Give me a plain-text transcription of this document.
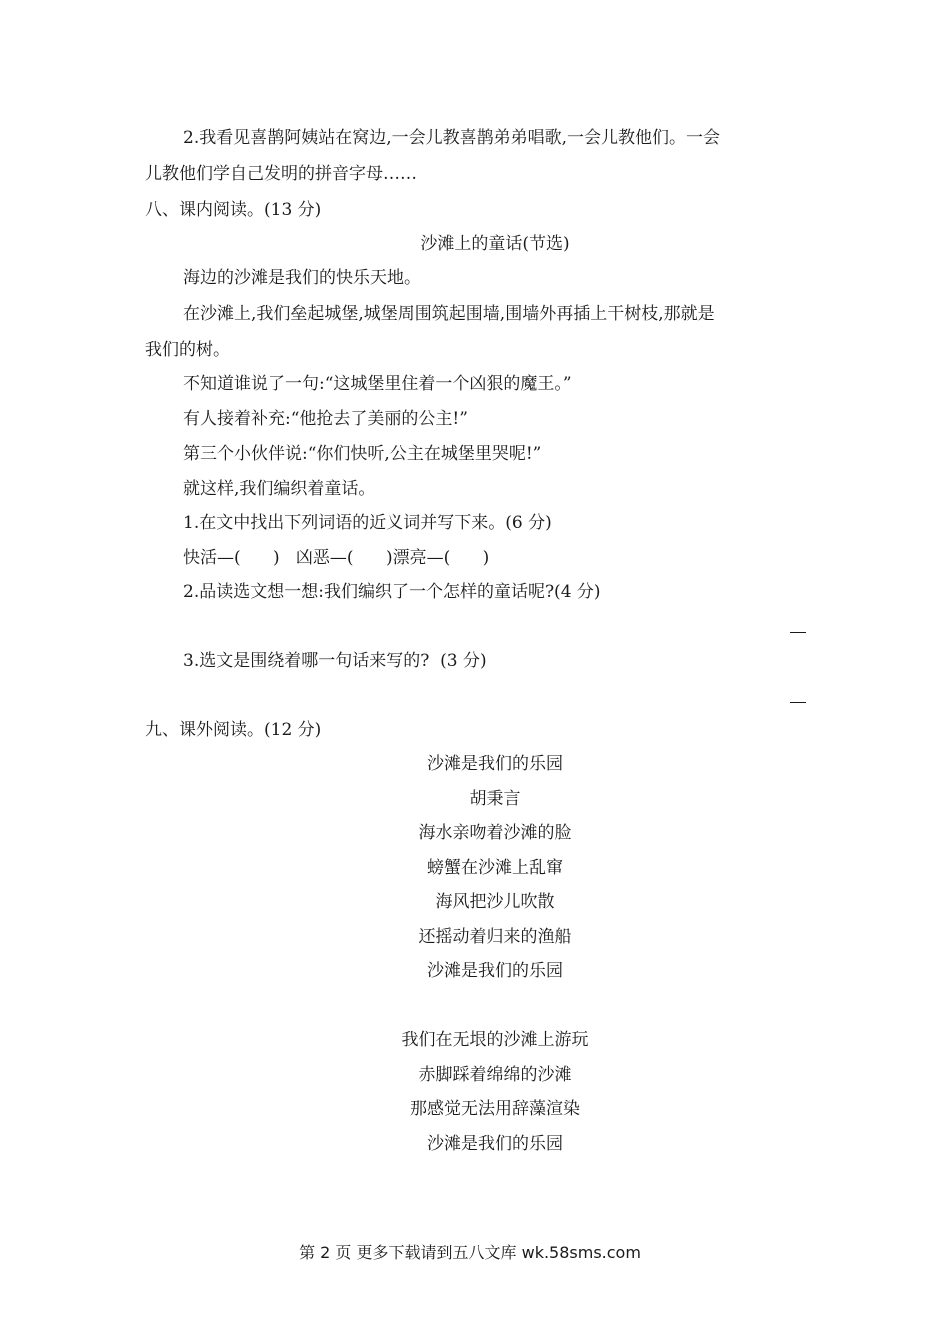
2.我看见喜鹊阿姨站在窝边,一会儿教喜鹊弟弟唱歌,一会儿教他们。一会
儿教他们学自己发明的拼音字母……
八、课内阅读。(13 分)
沙滩上的童话(节选)
海边的沙滩是我们的快乐天地。
在沙滩上,我们垒起城堡,城堡周围筑起围墙,围墙外再插上干树枝,那就是
我们的树。
不知道谁说了一句:“这城堡里住着一个凶狠的魔王。”
有人接着补充:“他抢去了美丽的公主!”
第三个小伙伴说:“你们快听,公主在城堡里哭呢!”
就这样,我们编织着童话。
1.在文中找出下列词语的近义词并写下来。(6 分)
快活—(      )   凶恶—(      )漂亮—(      )
2.品读选文想一想:我们编织了一个怎样的童话呢?(4 分)
3.选文是围绕着哪一句话来写的?  (3 分)
九、课外阅读。(12 分)
沙滩是我们的乐园
胡秉言
海水亲吻着沙滩的脸
螃蟹在沙滩上乱窜
海风把沙儿吹散
还摇动着归来的渔船
沙滩是我们的乐园
我们在无垠的沙滩上游玩
赤脚踩着绵绵的沙滩
那感觉无法用辞藻渲染
沙滩是我们的乐园
第 2 页 更多下载请到五八文库 wk.58sms.com
